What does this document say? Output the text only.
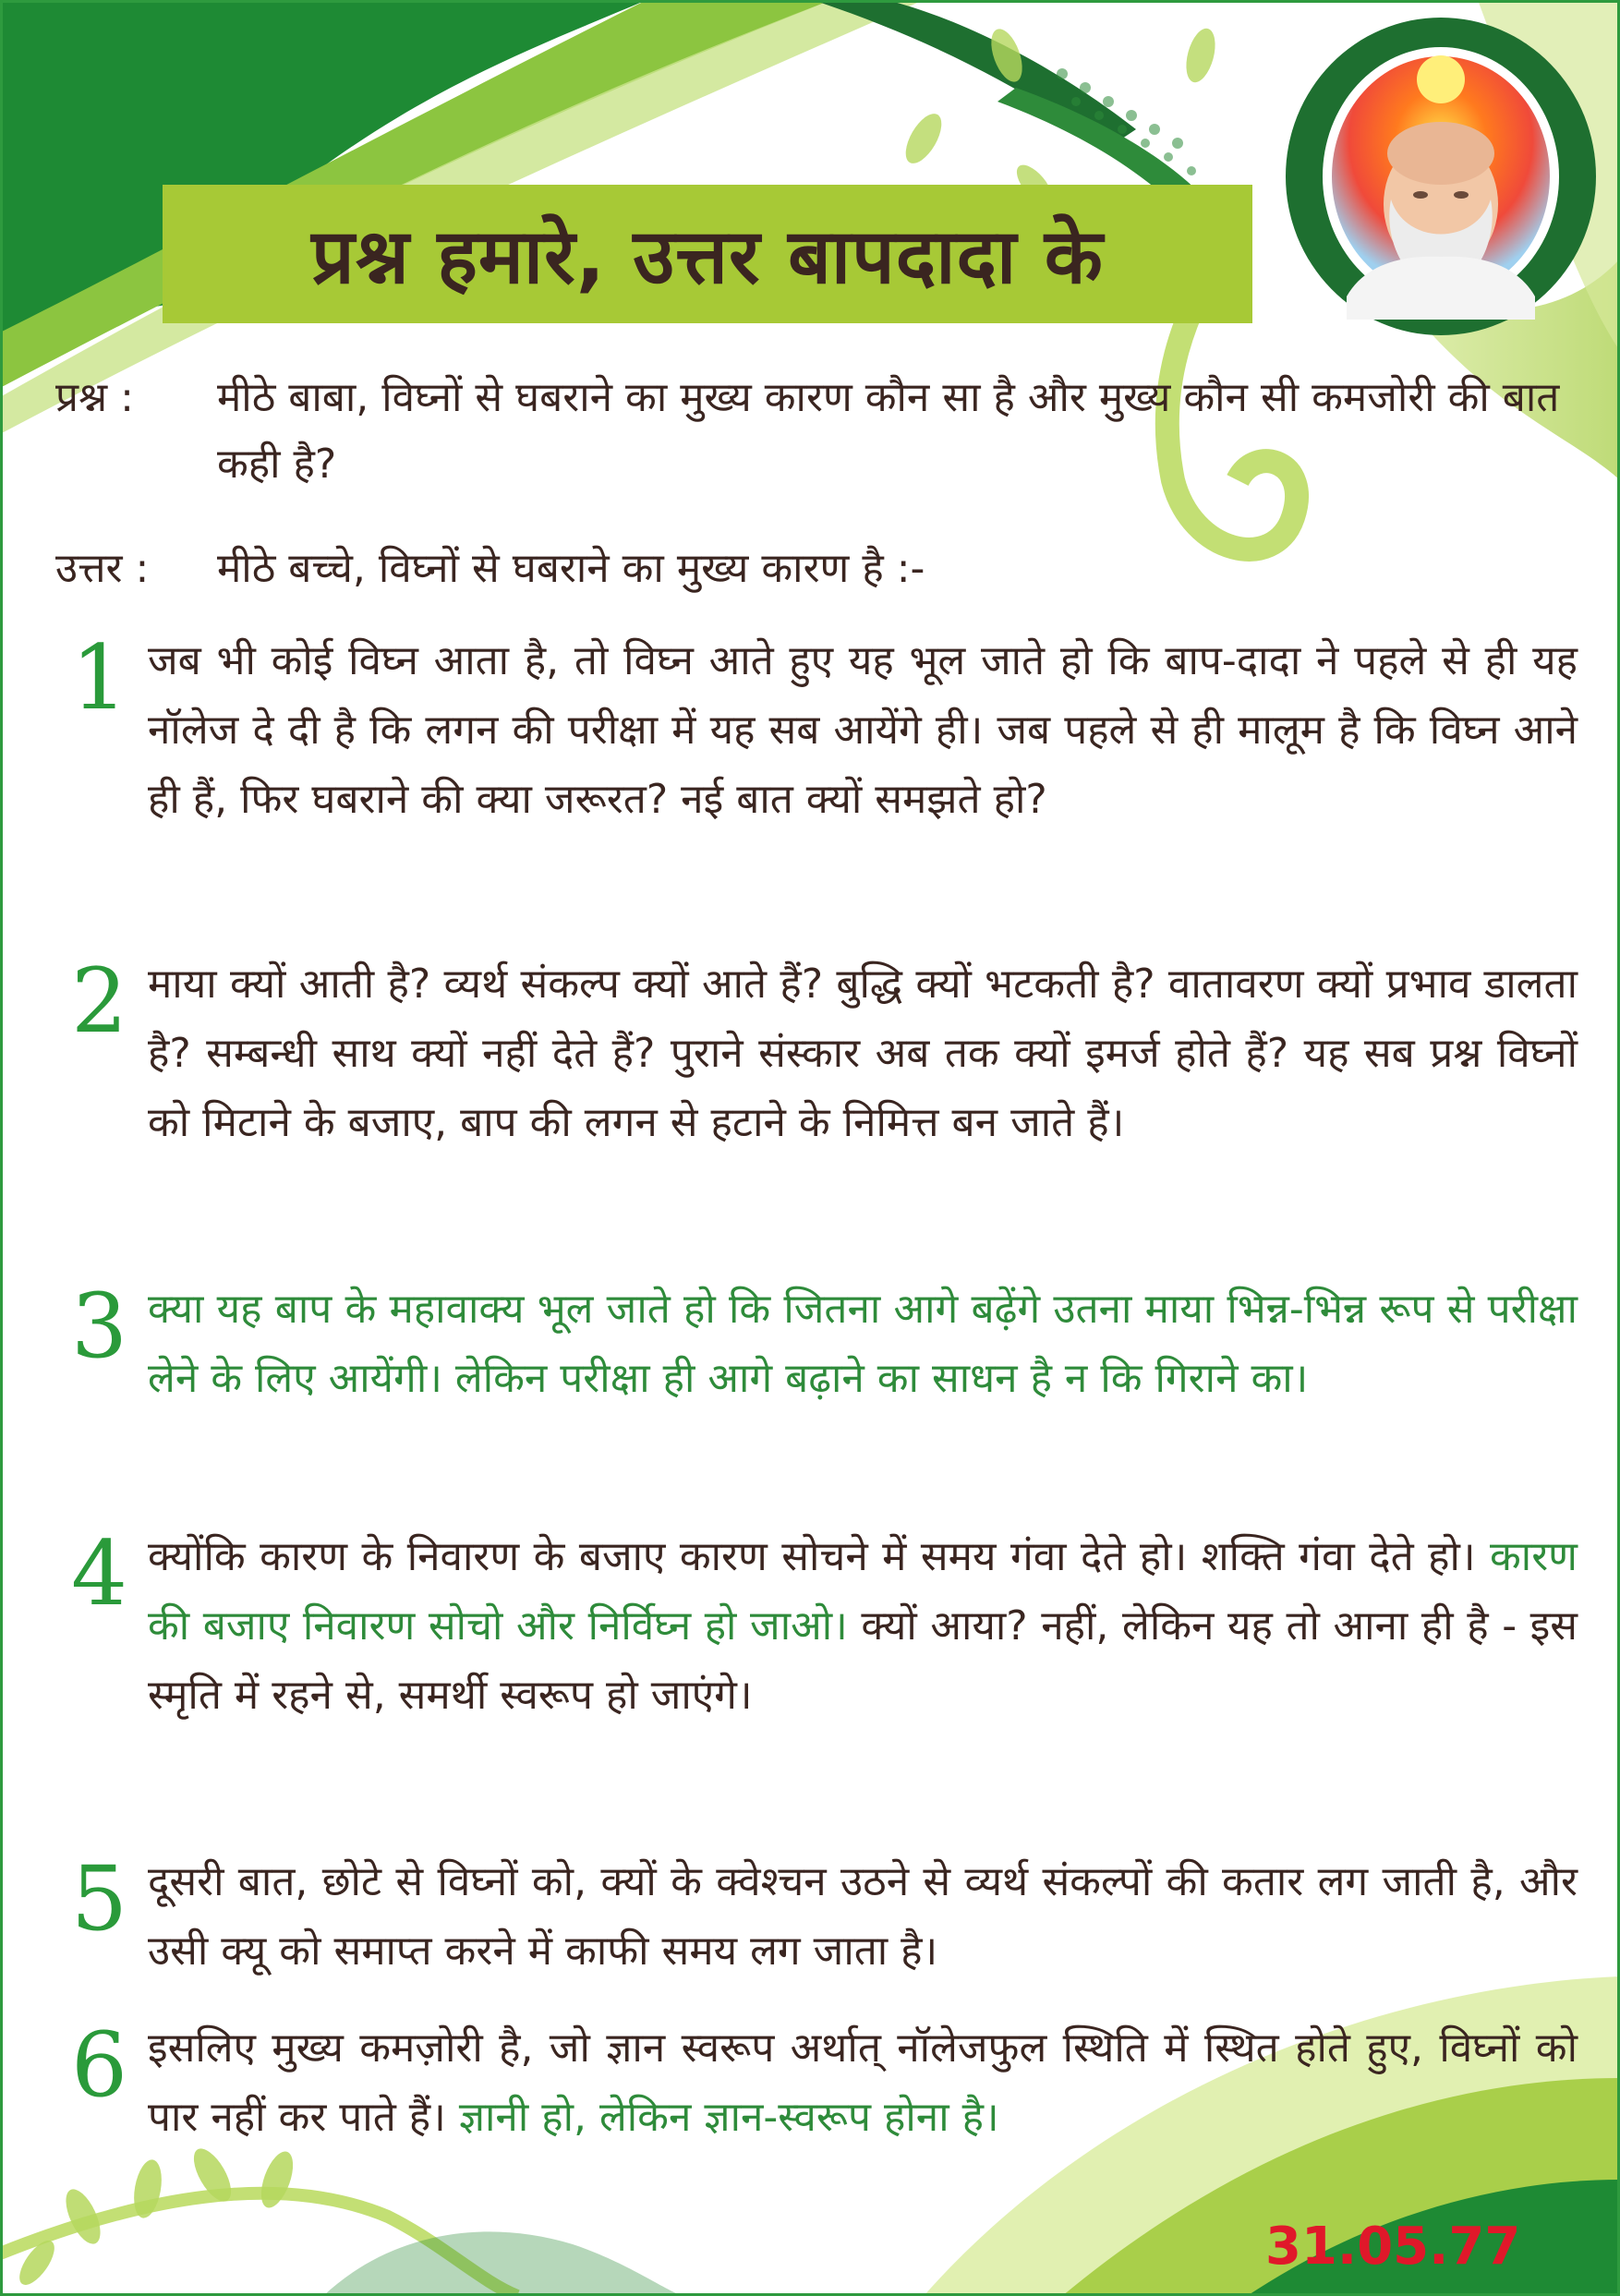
प्रश्न हमारे, उत्तर बापदादा के
प्रश्न :	मीठे बाबा, विघ्नों से घबराने का मुख्य कारण कौन सा है और मुख्य कौन सी कमजोरी की बात कही है?
उत्तर :	मीठे बच्चे, विघ्नों से घबराने का मुख्य कारण है :-
1 जब भी कोई विघ्न आता है, तो विघ्न आते हुए यह भूल जाते हो कि बाप-दादा ने पहले से ही यह नॉलेज दे दी है कि लगन की परीक्षा में यह सब आयेंगे ही। जब पहले से ही मालूम है कि विघ्न आने ही हैं, फिर घबराने की क्या जरूरत? नई बात क्यों समझते हो?
2 माया क्यों आती है? व्यर्थ संकल्प क्यों आते हैं? बुद्धि क्यों भटकती है? वातावरण क्यों प्रभाव डालता है? सम्बन्धी साथ क्यों नहीं देते हैं? पुराने संस्कार अब तक क्यों इमर्ज होते हैं? यह सब प्रश्न विघ्नों को मिटाने के बजाए, बाप की लगन से हटाने के निमित्त बन जाते हैं।
3 क्या यह बाप के महावाक्य भूल जाते हो कि जितना आगे बढ़ेंगे उतना माया भिन्न-भिन्न रूप से परीक्षा लेने के लिए आयेंगी। लेकिन परीक्षा ही आगे बढ़ाने का साधन है न कि गिराने का।
4 क्योंकि कारण के निवारण के बजाए कारण सोचने में समय गंवा देते हो। शक्ति गंवा देते हो। कारण की बजाए निवारण सोचो और निर्विघ्न हो जाओ। क्यों आया? नहीं, लेकिन यह तो आना ही है - इस स्मृति में रहने से, समर्थी स्वरूप हो जाएंगे।
5 दूसरी बात, छोटे से विघ्नों को, क्यों के क्वेश्चन उठने से व्यर्थ संकल्पों की कतार लग जाती है, और उसी क्यू को समाप्त करने में काफी समय लग जाता है।
6 इसलिए मुख्य कमज़ोरी है, जो ज्ञान स्वरूप अर्थात् नॉलेजफुल स्थिति में स्थित होते हुए, विघ्नों को पार नहीं कर पाते हैं। ज्ञानी हो, लेकिन ज्ञान-स्वरूप होना है।
31.05.77
